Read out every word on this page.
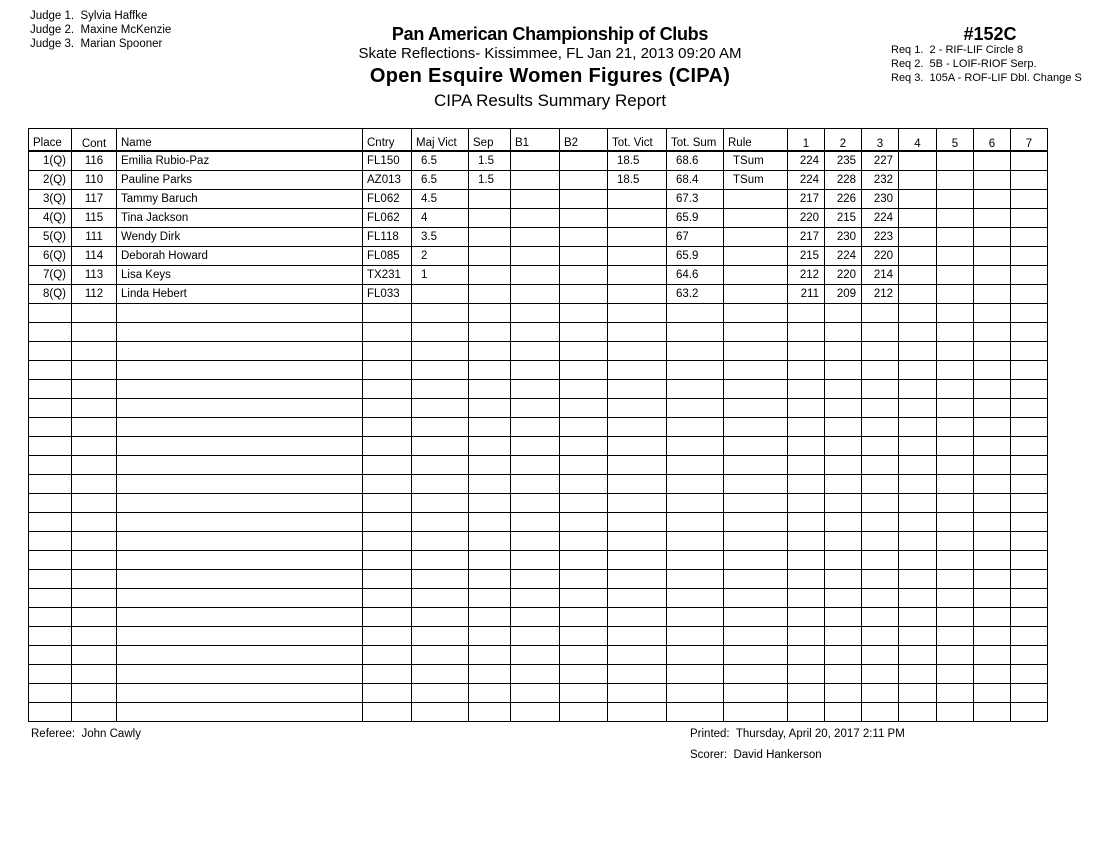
Judge 1. Sylvia Haffke
Judge 2. Maxine McKenzie
Judge 3. Marian Spooner	Pan American Championship of Clubs
Skate Reflections- Kissimmee, FL Jan 21, 2013 09:20 AM
Open Esquire Women Figures (CIPA)
CIPA Results Summary Report
#152C
Req 1. 2 - RIF-LIF Circle 8
Req 2. 5B - LOIF-RIOF Serp.
Req 3. 105A - ROF-LIF Dbl. Change S
Place	Cont	Name	Cntry	Maj Vict	Sep	B1	B2	Tot. Vict	Tot. Sum	Rule	1	2	3	4	5	6	7
1(Q)	116	Emilia Rubio-Paz	FL150	6.5	1.5			18.5	68.6	TSum	224	235	227				
2(Q)	110	Pauline Parks	AZ013	6.5	1.5			18.5	68.4	TSum	224	228	232				
3(Q)	117	Tammy Baruch	FL062	4.5					67.3		217	226	230				
4(Q)	115	Tina Jackson	FL062	4					65.9		220	215	224				
5(Q)	111	Wendy Dirk	FL118	3.5					67		217	230	223				
6(Q)	114	Deborah Howard	FL085	2					65.9		215	224	220				
7(Q)	113	Lisa Keys	TX231	1					64.6		212	220	214				
8(Q)	112	Linda Hebert	FL033						63.2		211	209	212				

Referee: John Cawly	Printed: Thursday, April 20, 2017 2:11 PM
Scorer: David Hankerson
